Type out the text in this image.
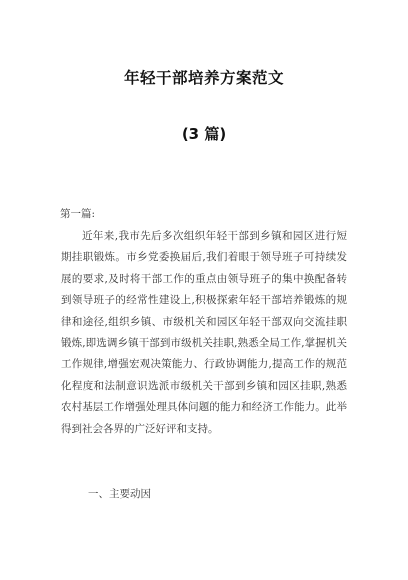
年轻干部培养方案范文
(3 篇)

第一篇:

近年来,我市先后多次组织年轻干部到乡镇和园区进行短期挂职锻炼。市乡党委换届后,我们着眼于领导班子可持续发展的要求,及时将干部工作的重点由领导班子的集中换配备转到领导班子的经常性建设上,积极探索年轻干部培养锻炼的规律和途径,组织乡镇、市级机关和园区年轻干部双向交流挂职锻炼,即选调乡镇干部到市级机关挂职,熟悉全局工作,掌握机关工作规律,增强宏观决策能力、行政协调能力,提高工作的规范化程度和法制意识选派市级机关干部到乡镇和园区挂职,熟悉农村基层工作增强处理具体问题的能力和经济工作能力。此举得到社会各界的广泛好评和支持。

一、主要动因
